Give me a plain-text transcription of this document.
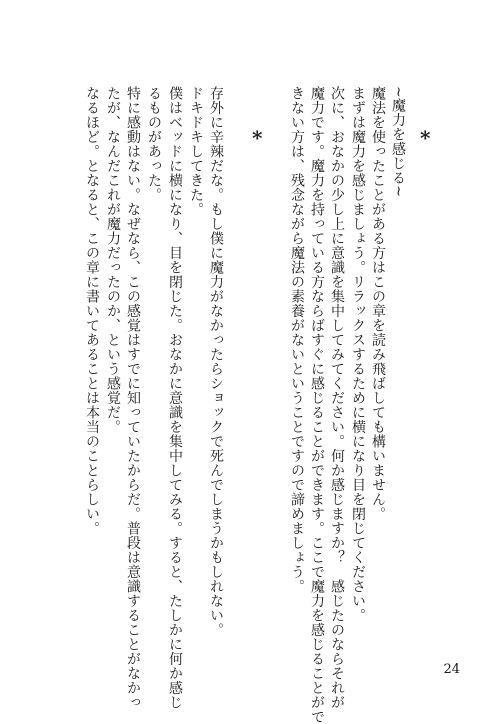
*
~魔力を感じる~
魔法を使ったことがある方はこの章を読み飛ばしても構いません。
まずは魔力を感じましょう。リラックスするために横になり目を閉じてください。
次に、おなかの少し上に意識を集中してみてください。何か感じますか？　感じたのならそれが
魔力です。魔力を持っている方ならばすぐに感じることができます。ここで魔力を感じることがで
きない方は、残念ながら魔法の素養がないということですので諦めましょう。
*
存外に辛辣だな。もし僕に魔力がなかったらショックで死んでしまうかもしれない。
ドキドキしてきた。
僕はベッドに横になり、目を閉じた。おなかに意識を集中してみる。すると、たしかに何か感じ
るものがあった。
特に感動はない。なぜなら、この感覚はすでに知っていたからだ。普段は意識することがなかっ
たが、なんだこれが魔力だったのか、という感覚だ。
なるほど。となると、この章に書いてあることは本当のことらしい。
24
